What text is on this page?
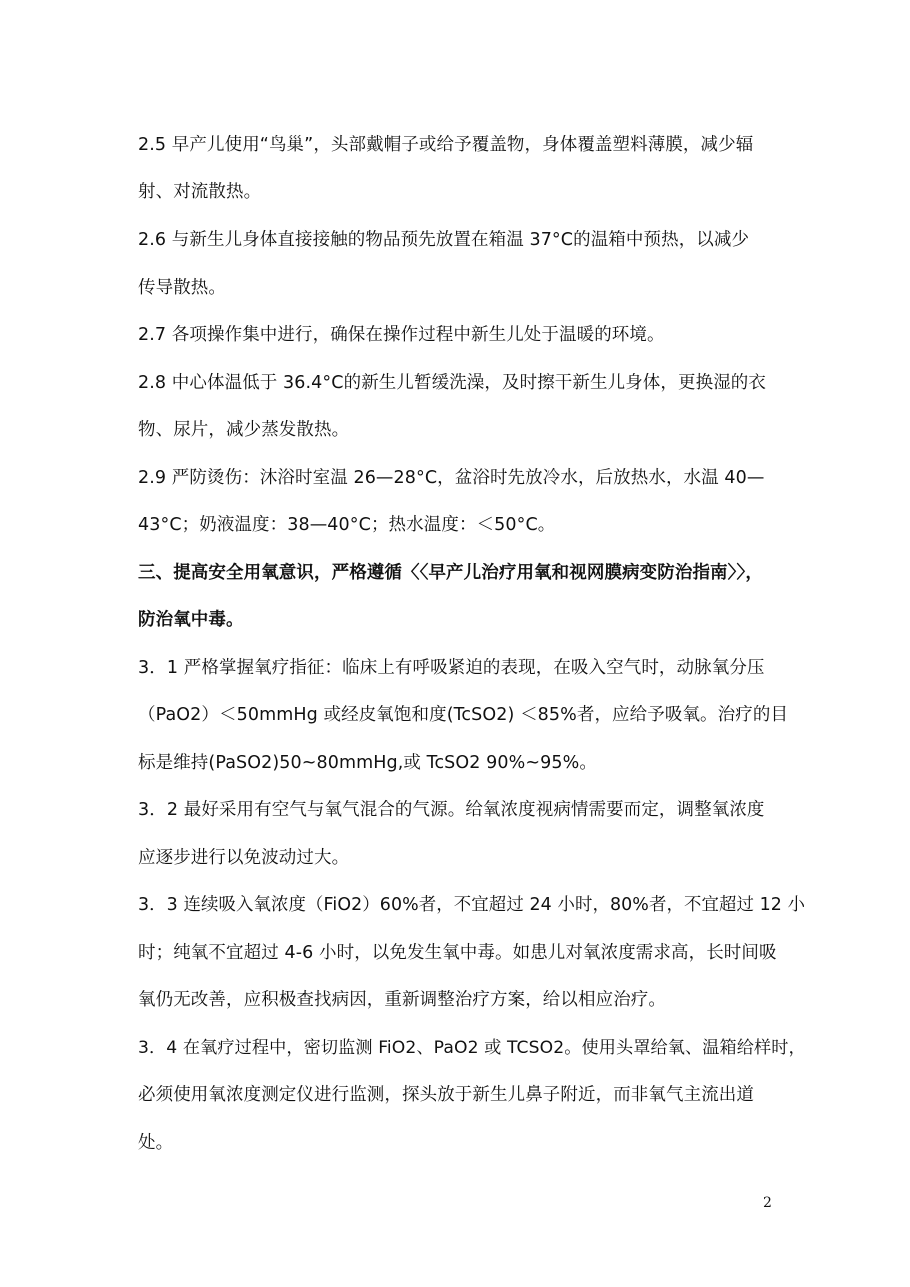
2.5 早产儿使用“鸟巢”，头部戴帽子或给予覆盖物，身体覆盖塑料薄膜，减少辐
射、对流散热。
2.6 与新生儿身体直接接触的物品预先放置在箱温 37°C的温箱中预热，以减少
传导散热。
2.7 各项操作集中进行，确保在操作过程中新生儿处于温暖的环境。
2.8 中心体温低于 36.4°C的新生儿暂缓洗澡，及时擦干新生儿身体，更换湿的衣
物、尿片，减少蒸发散热。
2.9 严防烫伤：沐浴时室温 26—28°C，盆浴时先放冷水，后放热水，水温 40—
43°C；奶液温度：38—40°C；热水温度：＜50°C。
三、提高安全用氧意识，严格遵循〈〈早产儿治疗用氧和视网膜病变防治指南〉〉，
防治氧中毒。
3．1 严格掌握氧疗指征：临床上有呼吸紧迫的表现，在吸入空气时，动脉氧分压
（PaO2）＜50mmHg 或经皮氧饱和度(TcSO2) ＜85%者，应给予吸氧。治疗的目
标是维持(PaSO2)50~80mmHg,或 TcSO2 90%~95%。
3．2 最好采用有空气与氧气混合的气源。给氧浓度视病情需要而定，调整氧浓度
应逐步进行以免波动过大。
3．3 连续吸入氧浓度（FiO2）60%者，不宜超过 24 小时，80%者，不宜超过 12 小
时；纯氧不宜超过 4-6 小时，以免发生氧中毒。如患儿对氧浓度需求高，长时间吸
氧仍无改善，应积极查找病因，重新调整治疗方案，给以相应治疗。
3．4 在氧疗过程中，密切监测 FiO2、PaO2 或 TCSO2。使用头罩给氧、温箱给样时，
必须使用氧浓度测定仪进行监测，探头放于新生儿鼻子附近，而非氧气主流出道
处。
2
